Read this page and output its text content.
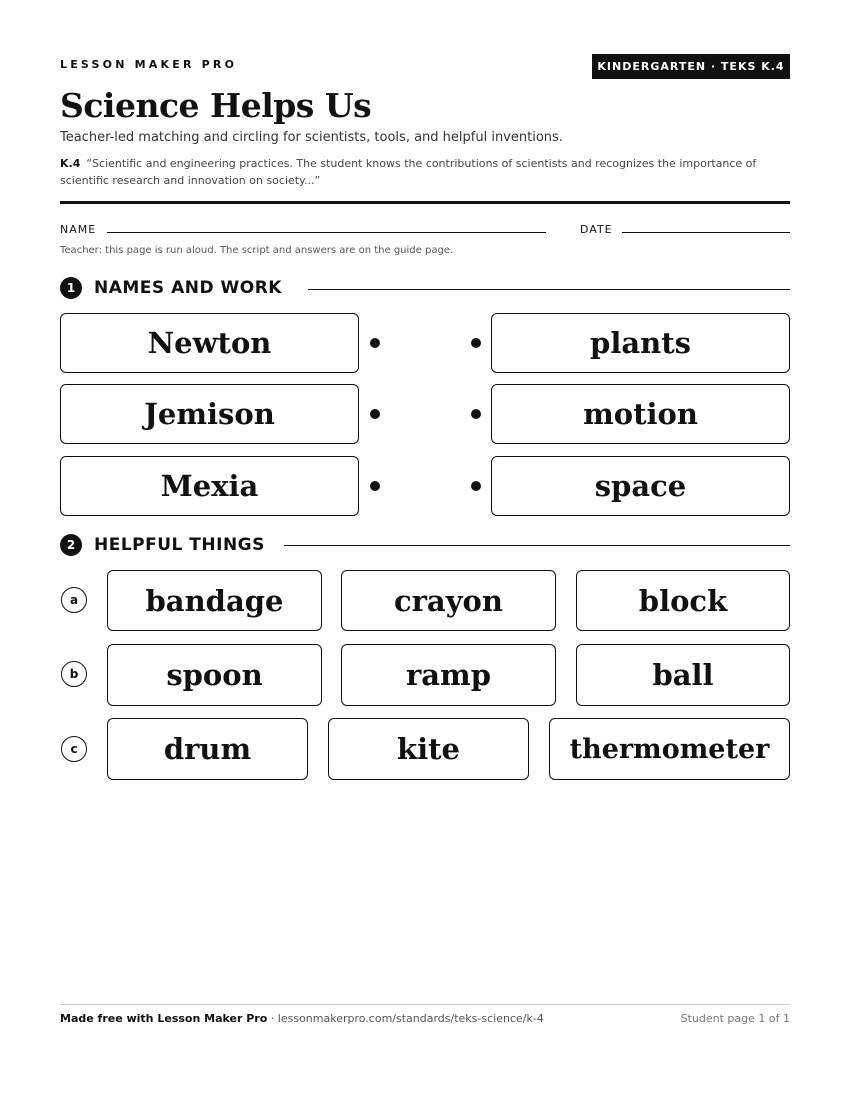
LESSON MAKER PRO	KINDERGARTEN · TEKS K.4
Science Helps Us
Teacher-led matching and circling for scientists, tools, and helpful inventions.
K.4 “Scientific and engineering practices. The student knows the contributions of scientists and recognizes the importance of scientific research and innovation on society...”
NAME	DATE
Teacher: this page is run aloud. The script and answers are on the guide page.
1	NAMES AND WORK
Newton
Jemison
Mexia
plants
motion
space
2	HELPFUL THINGS
a	bandage	crayon	block
b	spoon	ramp	ball
c	drum	kite	thermometer
Made free with Lesson Maker Pro · lessonmakerpro.com/standards/teks-science/k-4	Student page 1 of 1
